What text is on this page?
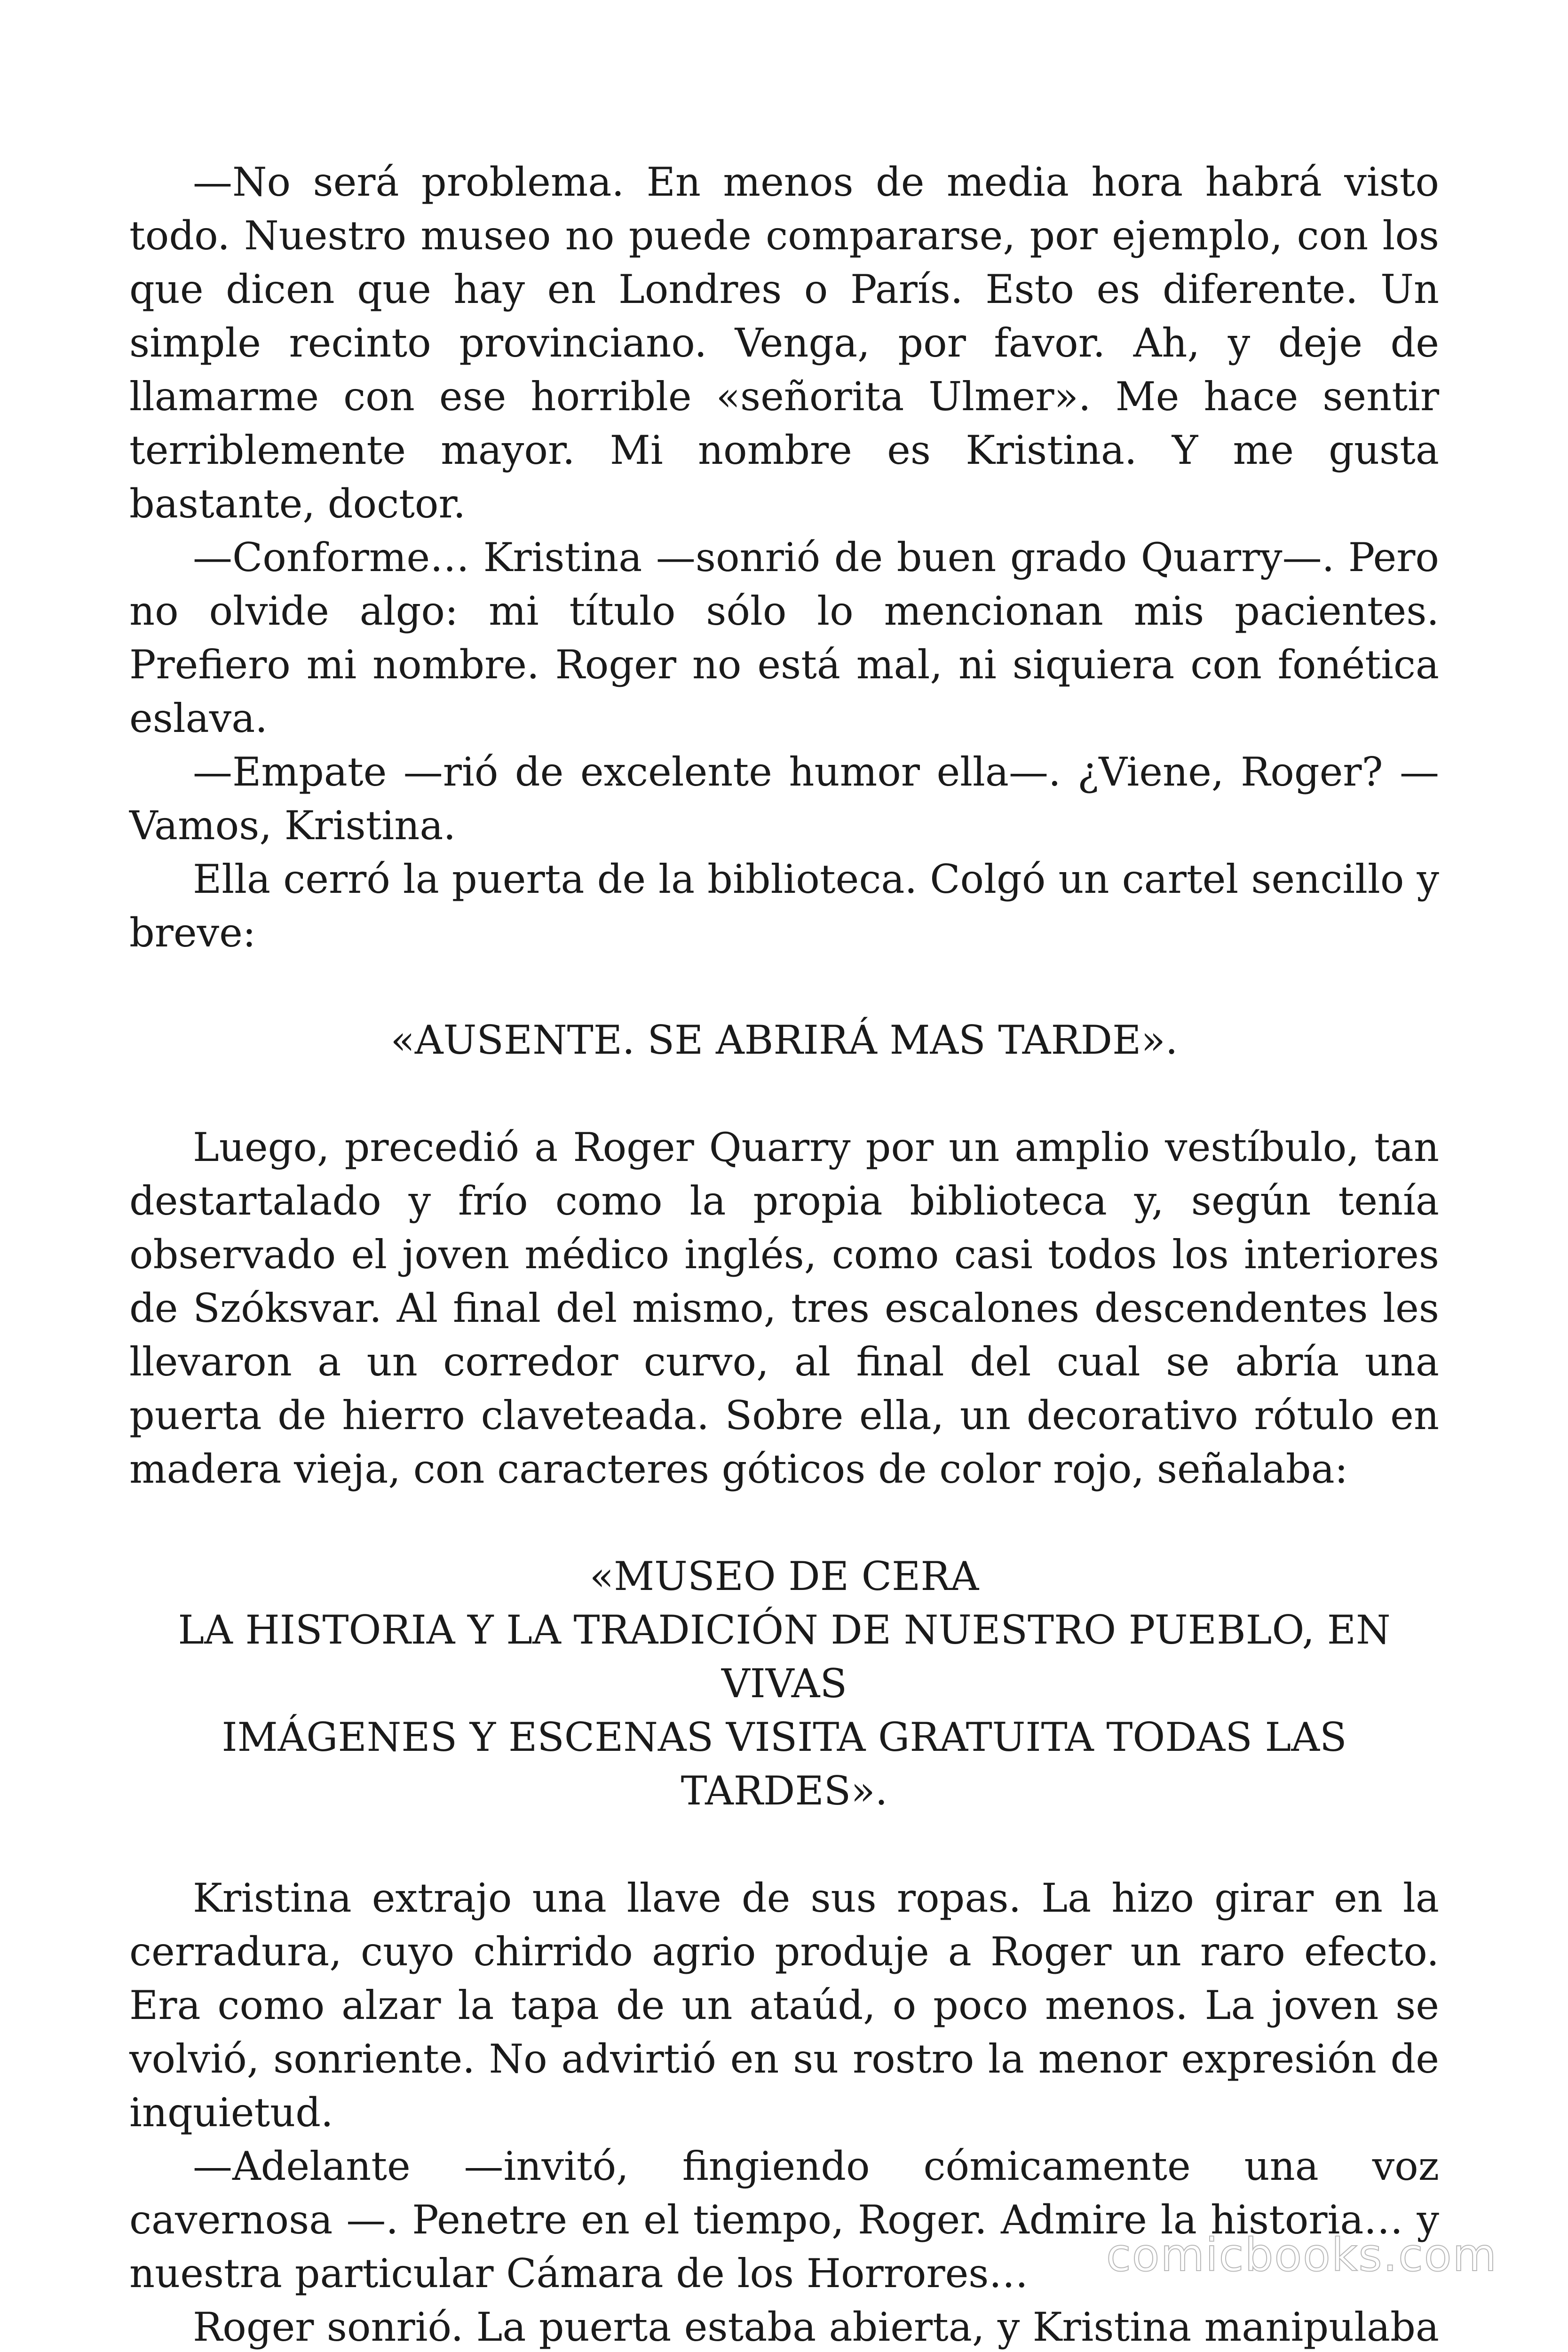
—No será problema. En menos de media hora habrá visto todo. Nuestro museo no puede compararse, por ejemplo, con los que dicen que hay en Londres o París. Esto es diferente. Un simple recinto provinciano. Venga, por favor. Ah, y deje de llamarme con ese horrible «señorita Ulmer». Me hace sentir terriblemente mayor. Mi nombre es Kristina. Y me gusta bastante, doctor.

—Conforme… Kristina —sonrió de buen grado Quarry—. Pero no olvide algo: mi título sólo lo mencionan mis pacientes. Prefiero mi nombre. Roger no está mal, ni siquiera con fonética eslava.

—Empate —rió de excelente humor ella—. ¿Viene, Roger? —Vamos, Kristina.

Ella cerró la puerta de la biblioteca. Colgó un cartel sencillo y breve:

«AUSENTE. SE ABRIRÁ MAS TARDE».

Luego, precedió a Roger Quarry por un amplio vestíbulo, tan destartalado y frío como la propia biblioteca y, según tenía observado el joven médico inglés, como casi todos los interiores de Szóksvar. Al final del mismo, tres escalones descendentes les llevaron a un corredor curvo, al final del cual se abría una puerta de hierro claveteada. Sobre ella, un decorativo rótulo en madera vieja, con caracteres góticos de color rojo, señalaba:

«MUSEO DE CERA

LA HISTORIA Y LA TRADICIÓN DE NUESTRO PUEBLO, EN VIVAS

IMÁGENES Y ESCENAS VISITA GRATUITA TODAS LAS TARDES».

Kristina extrajo una llave de sus ropas. La hizo girar en la cerradura, cuyo chirrido agrio produje a Roger un raro efecto. Era como alzar la tapa de un ataúd, o poco menos. La joven se volvió, sonriente. No advirtió en su rostro la menor expresión de inquietud.

—Adelante —invitó, fingiendo cómicamente una voz cavernosa —. Penetre en el tiempo, Roger. Admire la historia… y nuestra particular Cámara de los Horrores…

Roger sonrió. La puerta estaba abierta, y Kristina manipulaba

comicbooks.com
